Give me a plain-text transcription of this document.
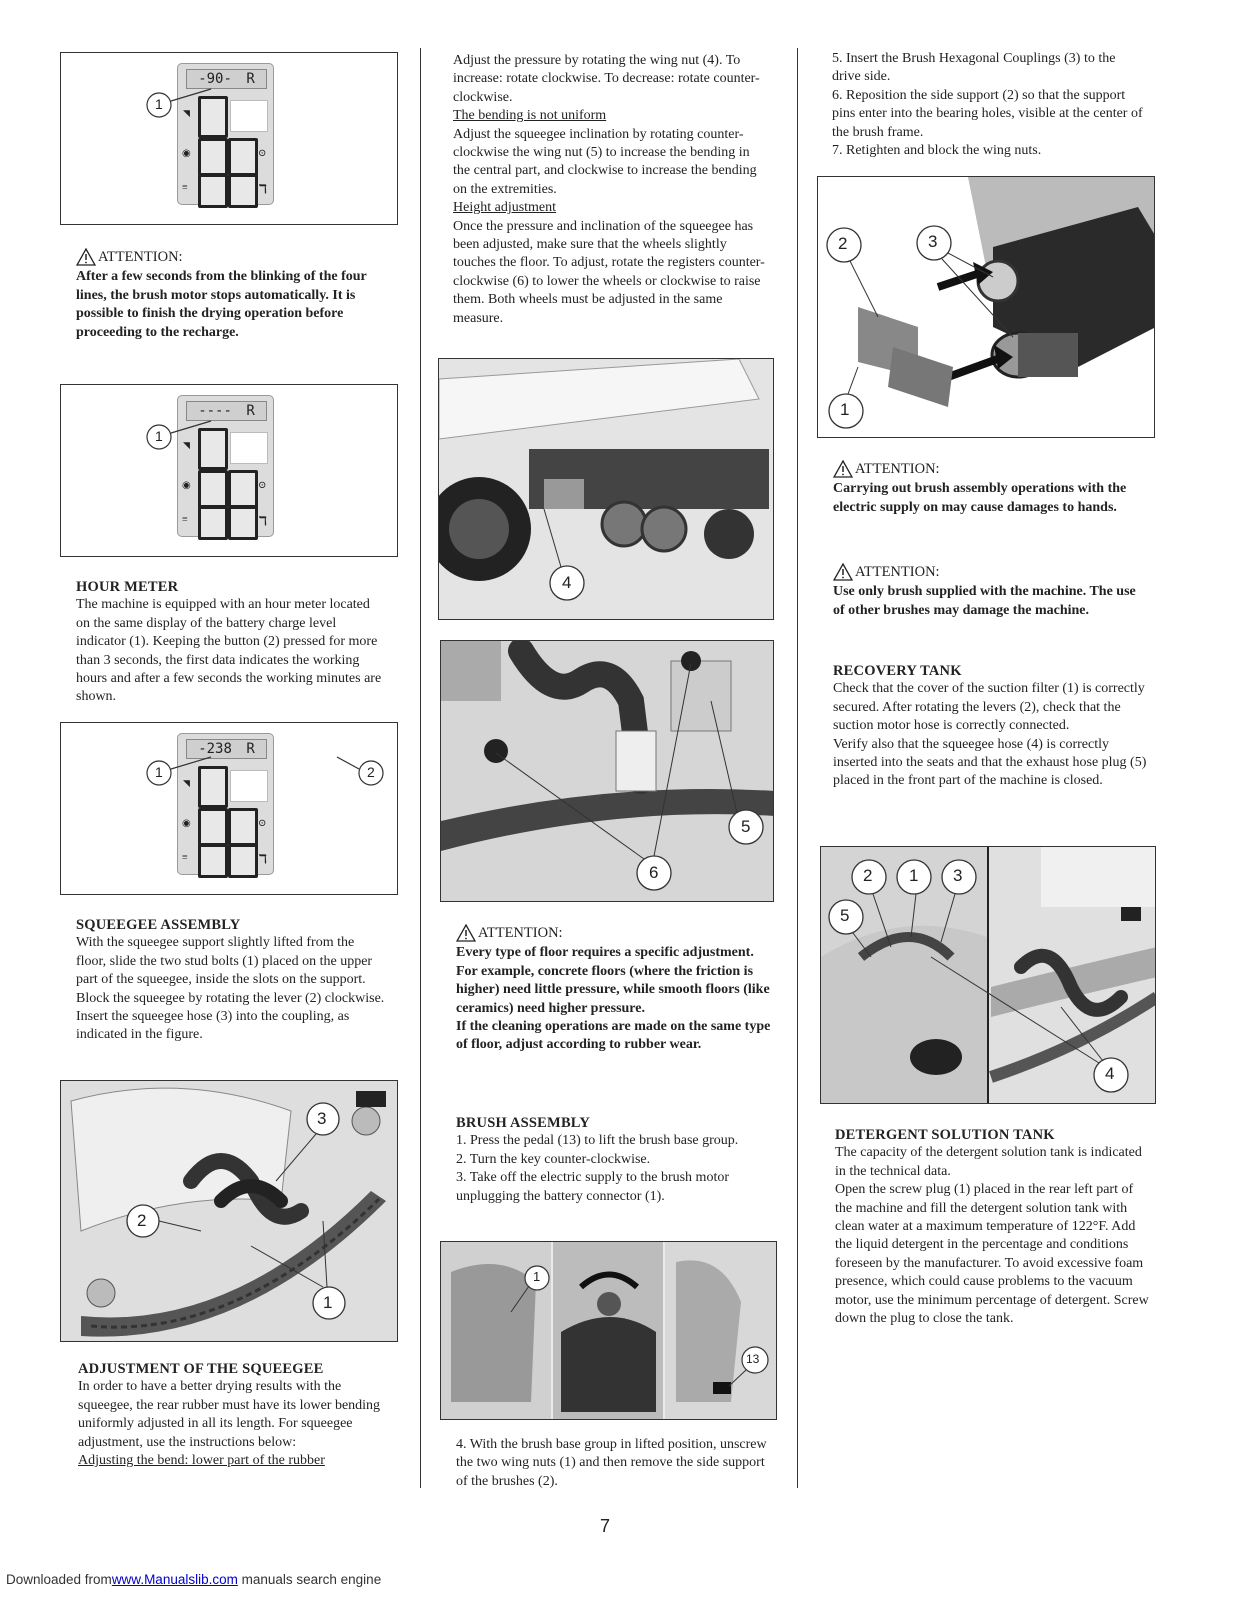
-90- R
◥
◉	⊙
≡	ℸ
1
ATTENTION:

After a few seconds from the blinking of the four lines, the brush motor stops automatically. It is possible to finish the drying operation before proceeding to the recharge.

---- R
◥
◉	⊙
≡	ℸ
1
HOUR METER

The machine is equipped with an hour meter located on the same display of the battery charge level indicator (1). Keeping the button (2) pressed for more than 3 seconds, the first data indicates the working hours and after a few seconds the working minutes are shown.

-238 R
◥
◉	⊙
≡	ℸ
1	2
SQUEEGEE ASSEMBLY

With the squeegee support slightly lifted from the floor, slide the two stud bolts (1) placed on the upper part of the squeegee, inside the slots on the support. Block the squeegee by rotating the lever (2) clockwise.

Insert the squeegee hose (3) into the coupling, as indicated in the figure.

3
2
1
ADJUSTMENT OF THE SQUEEGEE

In order to have a better drying results with the squeegee, the rear rubber must have its lower bending uniformly adjusted in all its length. For squeegee adjustment, use the instructions below:

Adjusting the bend: lower part of the rubber

Adjust the pressure by rotating the wing nut (4). To increase: rotate clockwise. To decrease: rotate counter-clockwise.

The bending is not uniform

Adjust the squeegee inclination by rotating counter-clockwise the wing nut (5) to increase the bending in the central part, and clockwise to increase the bending on the extremities.

Height adjustment

Once the pressure and inclination of the squeegee has been adjusted, make sure that the wheels slightly touches the floor. To adjust, rotate the registers counter-clockwise (6) to lower the wheels or clockwise to raise them. Both wheels must be adjusted in the same measure.

4
5
6
ATTENTION:

Every type of floor requires a specific adjustment. For example, concrete floors (where the friction is higher) need little pressure, while smooth floors (like ceramics) need higher pressure.

If the cleaning operations are made on the same type of floor, adjust according to rubber wear.

BRUSH ASSEMBLY

1. Press the pedal (13) to lift the brush base group.

2. Turn the key counter-clockwise.

3. Take off the electric supply to the brush motor unplugging the battery connector (1).

1
13

4. With the brush base group in lifted position, unscrew the two wing nuts (1) and then remove the side support of the brushes (2).

5. Insert the Brush Hexagonal Couplings (3) to the drive side.

6. Reposition the side support (2) so that the support pins enter into the bearing holes, visible at the center of the brush frame.

7. Retighten and block the wing nuts.

2	3
1
ATTENTION:

Carrying out brush assembly operations with the electric supply on may cause damages to hands.

ATTENTION:

Use only brush supplied with the machine. The use of other brushes may damage the machine.

RECOVERY TANK

Check that the cover of the suction filter (1) is correctly secured. After rotating the levers (2), check that the suction motor hose is correctly connected.

Verify also that the squeegee hose (4) is correctly inserted into the seats and that the exhaust hose plug (5) placed in the front part of the machine is closed.

2 1 3
5
4
DETERGENT SOLUTION TANK

The capacity of the detergent solution tank is indicated in the technical data.

Open the screw plug (1) placed in the rear left part of the machine and fill the detergent solution tank with clean water at a maximum temperature of 122°F. Add the liquid detergent in the percentage and conditions foreseen by the manufacturer. To avoid excessive foam presence, which could cause problems to the vacuum motor, use the minimum percentage of detergent. Screw down the plug to close the tank.

7
Downloaded fromwww.Manualslib.com manuals search engine
